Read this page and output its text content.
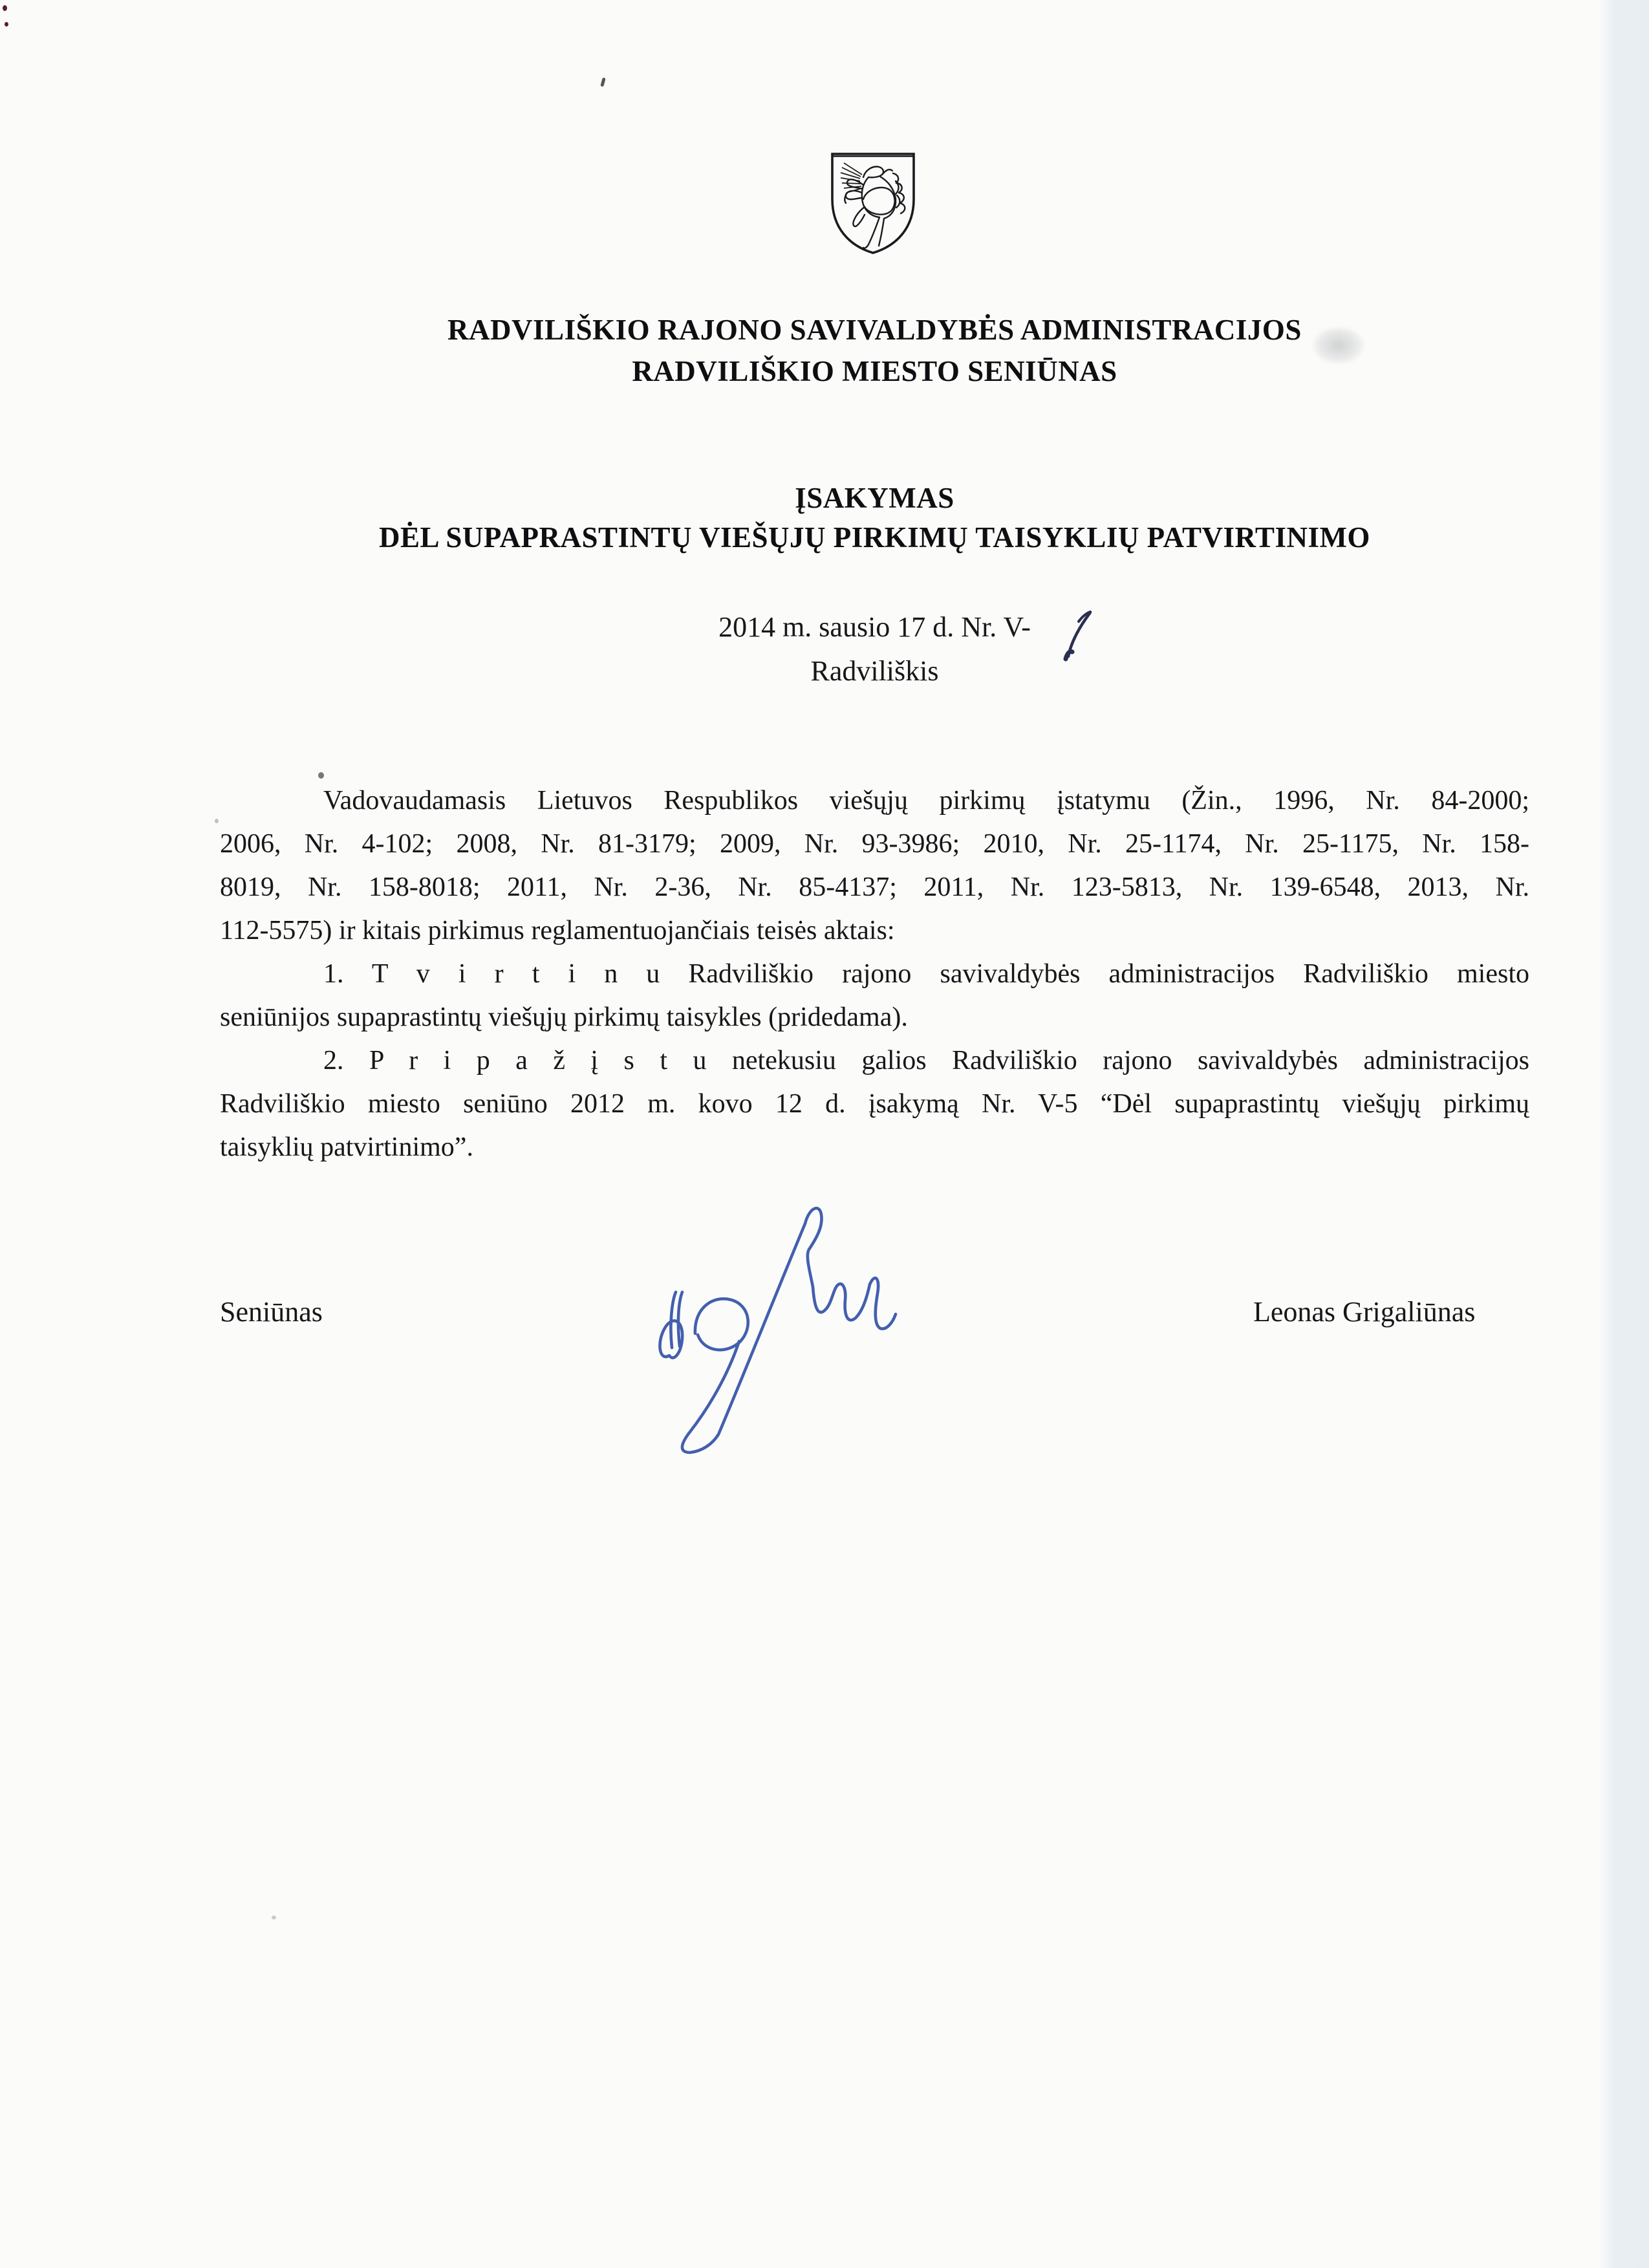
RADVILIŠKIO RAJONO SAVIVALDYBĖS ADMINISTRACIJOS
RADVILIŠKIO MIESTO SENIŪNAS
ĮSAKYMAS
DĖL SUPAPRASTINTŲ VIEŠŲJŲ PIRKIMŲ TAISYKLIŲ PATVIRTINIMO
2014 m. sausio 17 d. Nr. V-
Radviliškis
Vadovaudamasis Lietuvos Respublikos viešųjų pirkimų įstatymu (Žin., 1996, Nr. 84-2000;
2006, Nr. 4-102; 2008, Nr. 81-3179; 2009, Nr. 93-3986; 2010, Nr. 25-1174, Nr. 25-1175, Nr. 158-
8019, Nr. 158-8018; 2011, Nr. 2-36, Nr. 85-4137; 2011, Nr. 123-5813, Nr. 139-6548, 2013, Nr.
112-5575) ir kitais pirkimus reglamentuojančiais teisės aktais:
1. T v i r t i n u Radviliškio rajono savivaldybės administracijos Radviliškio miesto
seniūnijos supaprastintų viešųjų pirkimų taisykles (pridedama).
2. P r i p a ž į s t u netekusiu galios Radviliškio rajono savivaldybės administracijos
Radviliškio miesto seniūno 2012 m. kovo 12 d. įsakymą Nr. V-5 “Dėl supaprastintų viešųjų pirkimų
taisyklių patvirtinimo”.
Seniūnas	Leonas Grigaliūnas
